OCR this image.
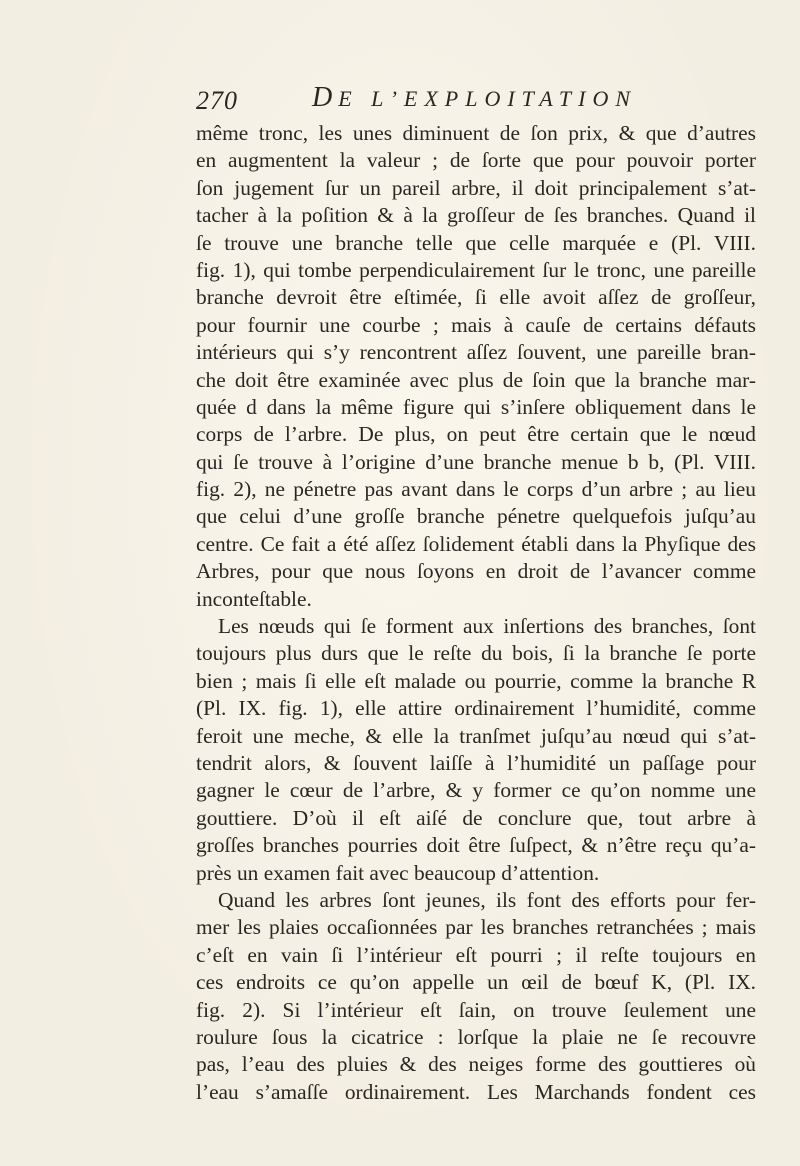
270	DE L’EXPLOITATION
même tronc, les unes diminuent de ſon prix, & que d’autres
en augmentent la valeur ; de ſorte que pour pouvoir porter
ſon jugement ſur un pareil arbre, il doit principalement s’at-
tacher à la poſition & à la groſſeur de ſes branches. Quand il
ſe trouve une branche telle que celle marquée e (Pl. VIII.
fig. 1), qui tombe perpendiculairement ſur le tronc, une pareille
branche devroit être eſtimée, ſi elle avoit aſſez de groſſeur,
pour fournir une courbe ; mais à cauſe de certains défauts
intérieurs qui s’y rencontrent aſſez ſouvent, une pareille bran-
che doit être examinée avec plus de ſoin que la branche mar-
quée d dans la même figure qui s’inſere obliquement dans le
corps de l’arbre. De plus, on peut être certain que le nœud
qui ſe trouve à l’origine d’une branche menue b b, (Pl. VIII.
fig. 2), ne pénetre pas avant dans le corps d’un arbre ; au lieu
que celui d’une groſſe branche pénetre quelquefois juſqu’au
centre. Ce fait a été aſſez ſolidement établi dans la Phyſique des
Arbres, pour que nous ſoyons en droit de l’avancer comme
inconteſtable.
Les nœuds qui ſe forment aux inſertions des branches, ſont
toujours plus durs que le reſte du bois, ſi la branche ſe porte
bien ; mais ſi elle eſt malade ou pourrie, comme la branche R
(Pl. IX. fig. 1), elle attire ordinairement l’humidité, comme
feroit une meche, & elle la tranſmet juſqu’au nœud qui s’at-
tendrit alors, & ſouvent laiſſe à l’humidité un paſſage pour
gagner le cœur de l’arbre, & y former ce qu’on nomme une
gouttiere. D’où il eſt aiſé de conclure que, tout arbre à
groſſes branches pourries doit être ſuſpect, & n’être reçu qu’a-
près un examen fait avec beaucoup d’attention.
Quand les arbres ſont jeunes, ils font des efforts pour fer-
mer les plaies occaſionnées par les branches retranchées ; mais
c’eſt en vain ſi l’intérieur eſt pourri ; il reſte toujours en
ces endroits ce qu’on appelle un œil de bœuf K, (Pl. IX.
fig. 2). Si l’intérieur eſt ſain, on trouve ſeulement une
roulure ſous la cicatrice : lorſque la plaie ne ſe recouvre
pas, l’eau des pluies & des neiges forme des gouttieres où
l’eau s’amaſſe ordinairement. Les Marchands fondent ces
